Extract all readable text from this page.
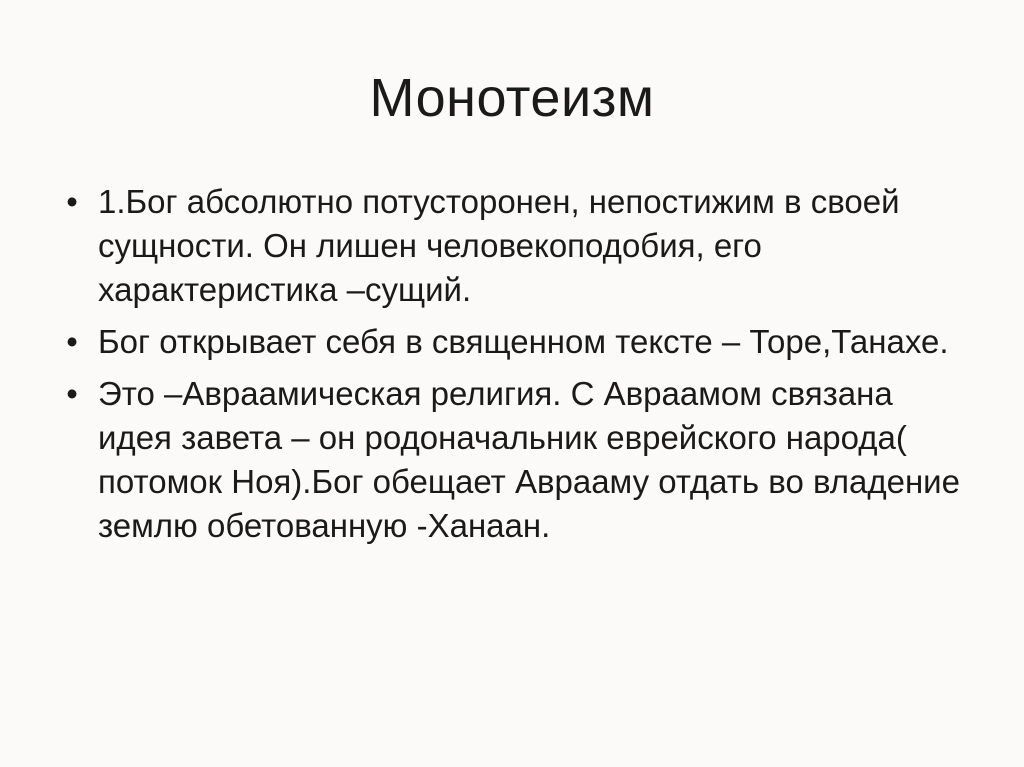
Монотеизм
• 1.Бог абсолютно потусторонен, непостижим в своей сущности. Он лишен человекоподобия, его характеристика –сущий.
• Бог открывает себя в священном тексте – Торе,Танахе.
• Это –Авраамическая религия. С Авраамом связана идея завета – он родоначальник еврейского народа( потомок Ноя).Бог обещает Аврааму отдать во владение землю обетованную -Ханаан.
